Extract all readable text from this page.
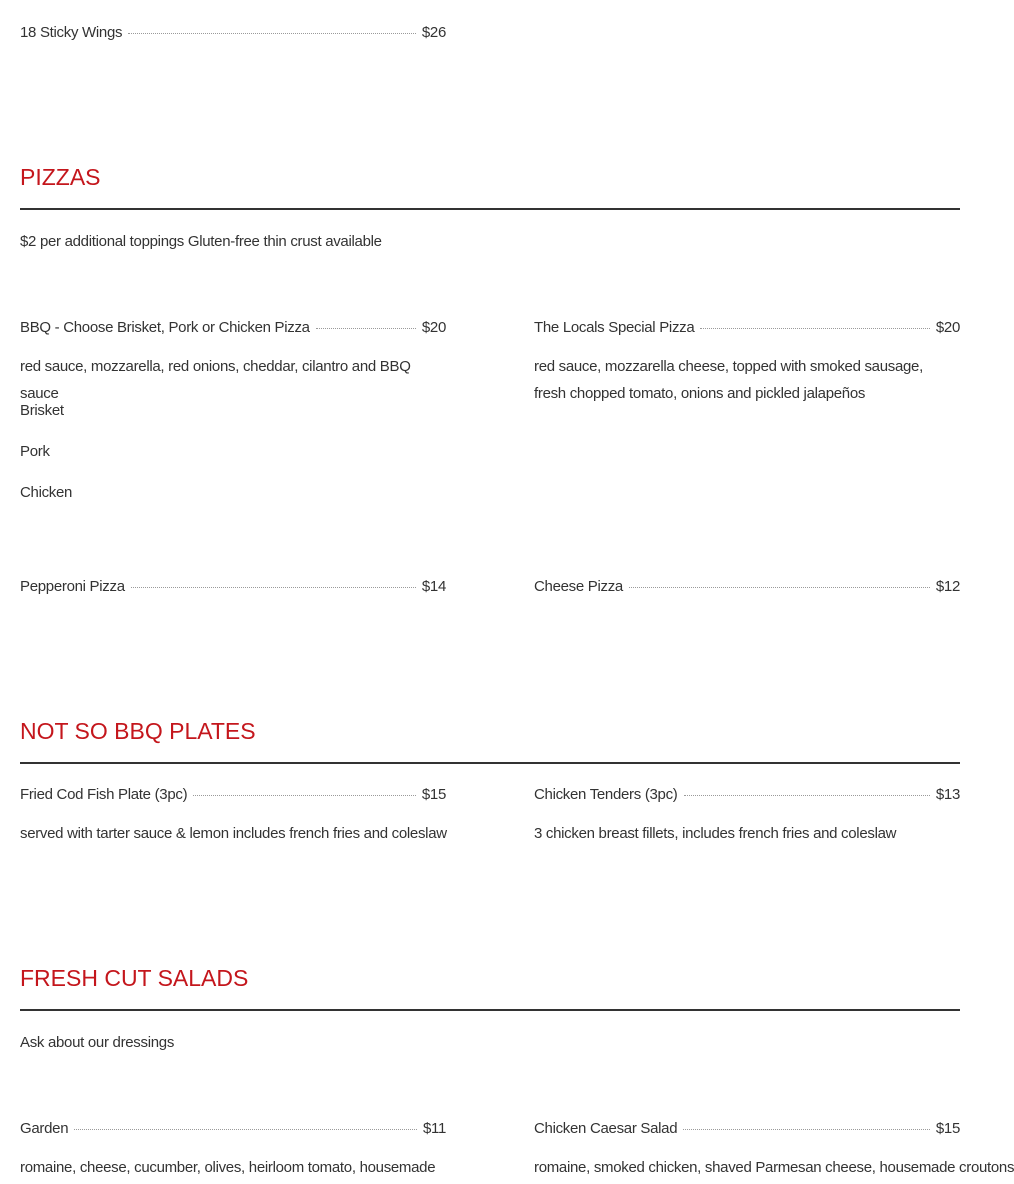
18 Sticky Wings	$26
PIZZAS
$2 per additional toppings Gluten-free thin crust available
BBQ - Choose Brisket, Pork or Chicken Pizza	$20
red sauce, mozzarella, red onions, cheddar, cilantro and BBQ sauce
Brisket
Pork
Chicken
The Locals Special Pizza	$20
red sauce, mozzarella cheese, topped with smoked sausage, fresh chopped tomato, onions and pickled jalapeños
Pepperoni Pizza	$14	Cheese Pizza	$12
NOT SO BBQ PLATES
Fried Cod Fish Plate (3pc)	$15
served with tarter sauce & lemon includes french fries and coleslaw
Chicken Tenders (3pc)	$13
3 chicken breast fillets, includes french fries and coleslaw
FRESH CUT SALADS
Ask about our dressings
Garden	$11
romaine, cheese, cucumber, olives, heirloom tomato, housemade
Chicken Caesar Salad	$15
romaine, smoked chicken, shaved Parmesan cheese, housemade croutons
